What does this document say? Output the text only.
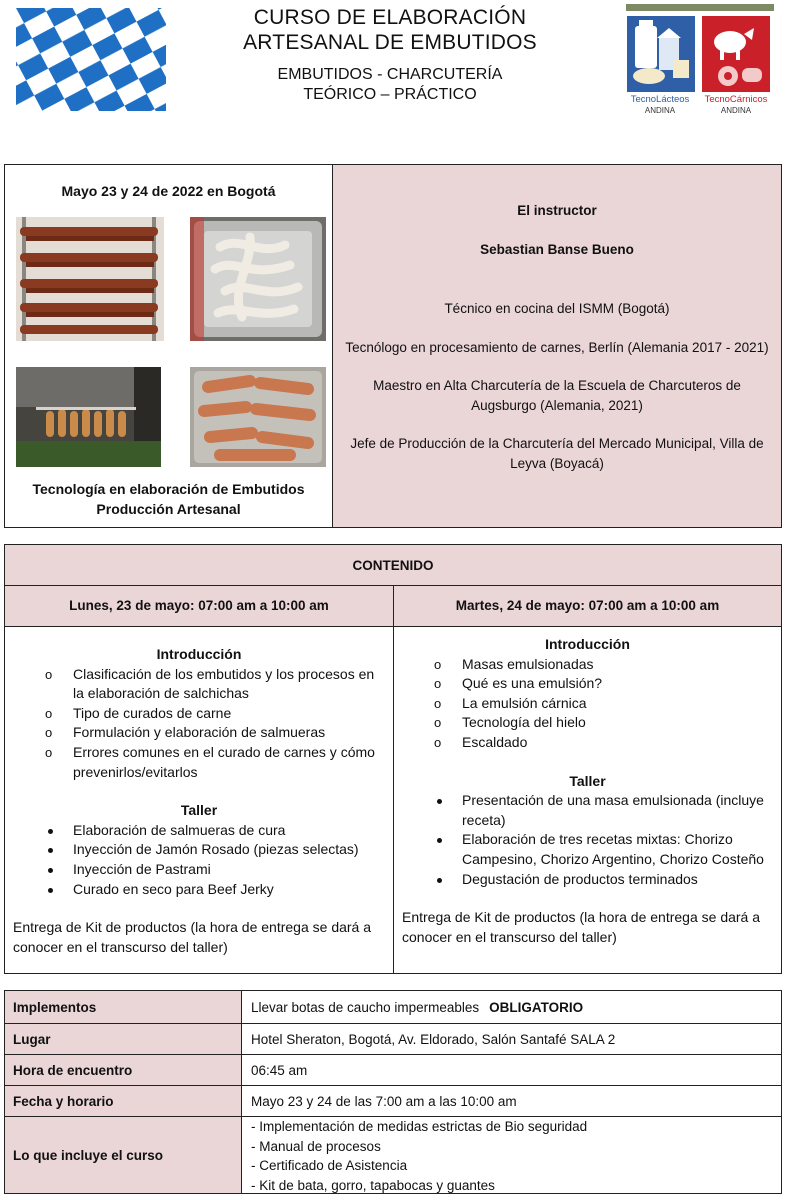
CURSO DE ELABORACIÓN
ARTESANAL DE EMBUTIDOS
EMBUTIDOS - CHARCUTERÍA
TEÓRICO – PRÁCTICO	TecnoLácteos
ANDINA
TecnoCárnicos
ANDINA
Mayo 23 y 24 de 2022 en Bogotá
Tecnología en elaboración de Embutidos
Producción Artesanal
El instructor
Sebastian Banse Bueno
Técnico en cocina del ISMM (Bogotá)
Tecnólogo en procesamiento de carnes, Berlín (Alemania 2017 - 2021)
Maestro en Alta Charcutería de la Escuela de Charcuteros de Augsburgo (Alemania, 2021)
Jefe de Producción de la Charcutería del Mercado Municipal, Villa de Leyva (Boyacá)
CONTENIDO
Lunes, 23 de mayo: 07:00 am a 10:00 am	Martes, 24 de mayo: 07:00 am a 10:00 am
Introducción
o	Clasificación de los embutidos y los procesos en la elaboración de salchichas
o	Tipo de curados de carne
o	Formulación y elaboración de salmueras
o	Errores comunes en el curado de carnes y cómo prevenirlos/evitarlos
Taller
Elaboración de salmueras de cura
Inyección de Jamón Rosado (piezas selectas)
Inyección de Pastrami
Curado en seco para Beef Jerky
Entrega de Kit de productos (la hora de entrega se dará a conocer en el transcurso del taller)
Introducción
o	Masas emulsionadas
o	Qué es una emulsión?
o	La emulsión cárnica
o	Tecnología del hielo
o	Escaldado
Taller
Presentación de una masa emulsionada (incluye receta)
Elaboración de tres recetas mixtas: Chorizo Campesino, Chorizo Argentino, Chorizo Costeño
Degustación de productos terminados
Entrega de Kit de productos (la hora de entrega se dará a conocer en el transcurso del taller)
Implementos	Llevar botas de caucho impermeables OBLIGATORIO
Lugar	Hotel Sheraton, Bogotá, Av. Eldorado, Salón Santafé SALA 2
Hora de encuentro	06:45 am
Fecha y horario	Mayo 23 y 24 de las 7:00 am a las 10:00 am
Lo que incluye el curso
- Implementación de medidas estrictas de Bio seguridad
- Manual de procesos
- Certificado de Asistencia
- Kit de bata, gorro, tapabocas y guantes
